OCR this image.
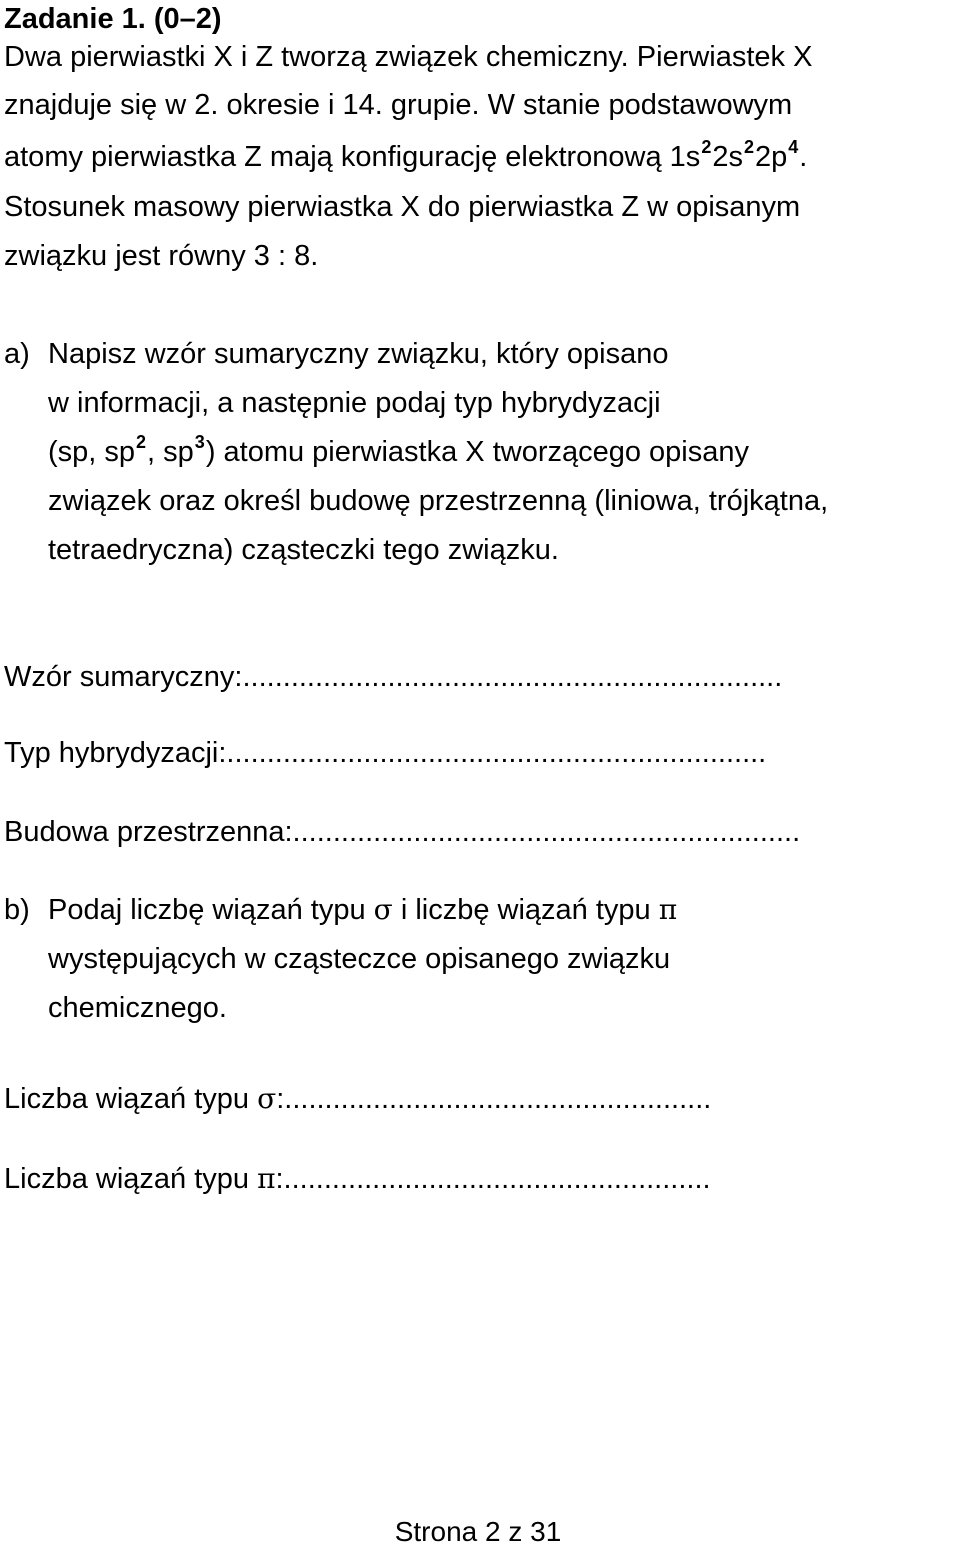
Zadanie 1. (0–2)
Dwa pierwiastki X i Z tworzą związek chemiczny. Pierwiastek X
znajduje się w 2. okresie i 14. grupie. W stanie podstawowym
atomy pierwiastka Z mają konfigurację elektronową $1s^22s^22p^4$.
Stosunek masowy pierwiastka X do pierwiastka Z w opisanym
związku jest równy 3 : 8.
a) Napisz wzór sumaryczny związku, który opisano
w informacji, a następnie podaj typ hybrydyzacji
(sp, $sp^2$, $sp^3$) atomu pierwiastka X tworzącego opisany
związek oraz określ budowę przestrzenną (liniowa, trójkątna,
tetraedryczna) cząsteczki tego związku.
Wzór sumaryczny:...................................................................
Typ hybrydyzacji:...................................................................
Budowa przestrzenna:...............................................................
b) Podaj liczbę wiązań typu σ i liczbę wiązań typu π
występujących w cząsteczce opisanego związku
chemicznego.
Liczba wiązań typu σ:.....................................................
Liczba wiązań typu π:.....................................................
Strona 2 z 31
